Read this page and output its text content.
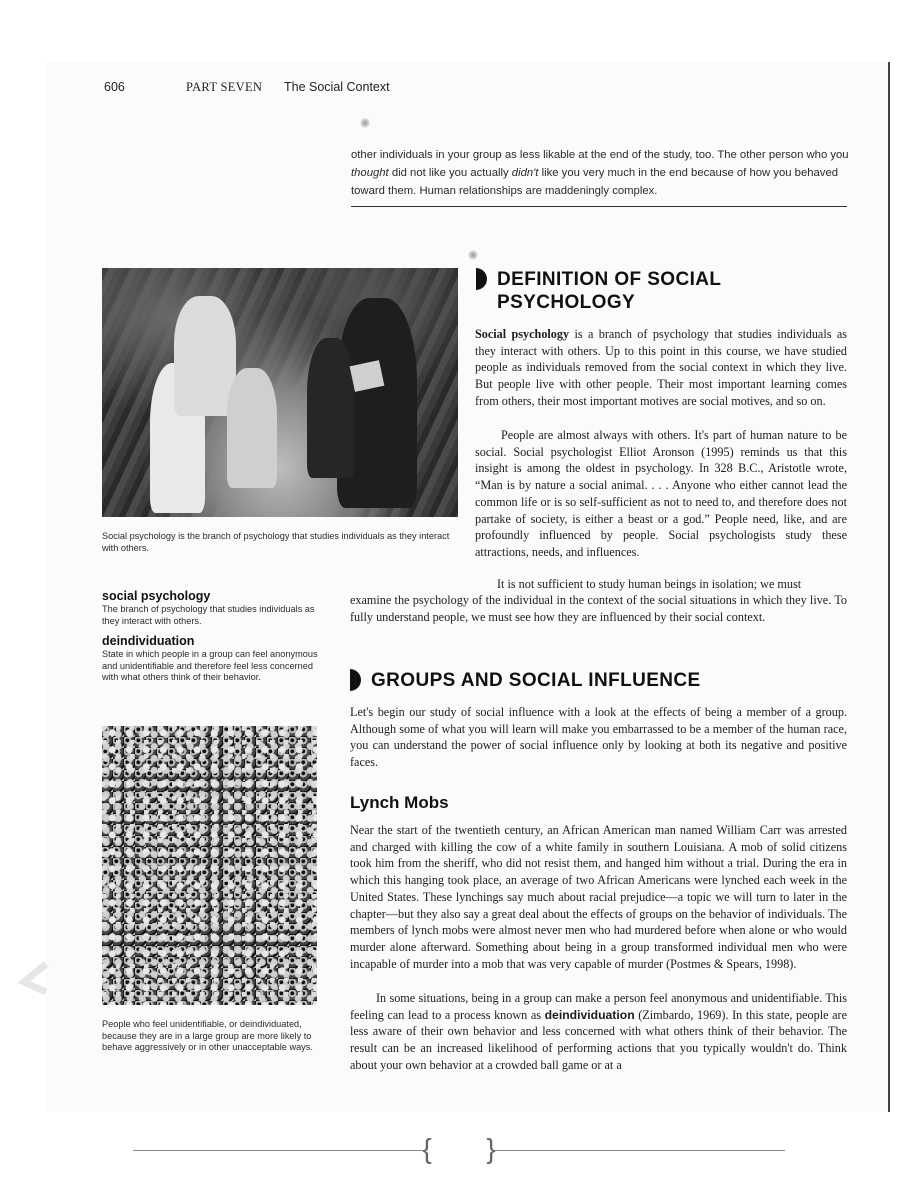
606	PART SEVEN The Social Context

other individuals in your group as less likable at the end of the study, too. The other person who you thought did not like you actually didn't like you very much in the end because of how you behaved toward them. Human relationships are maddeningly complex.

Social psychology is the branch of psychology that studies individuals as they interact with others.
social psychology
The branch of psychology that studies individuals as they interact with others.
deindividuation
State in which people in a group can feel anonymous and unidentifiable and therefore feel less concerned with what others think of their behavior.
People who feel unidentifiable, or deindividuated, because they are in a large group are more likely to behave aggressively or in other unacceptable ways.
DEFINITION OF SOCIAL PSYCHOLOGY

Social psychology is a branch of psychology that studies individuals as they interact with others. Up to this point in this course, we have studied people as individuals removed from the social context in which they live. But people live with other people. Their most important learning comes from others, their most important motives are social motives, and so on.

People are almost always with others. It's part of human nature to be social. Social psychologist Elliot Aronson (1995) reminds us that this insight is among the oldest in psychology. In 328 B.C., Aristotle wrote, “Man is by nature a social animal. . . . Anyone who either cannot lead the common life or is so self-sufficient as not to need to, and therefore does not partake of society, is either a beast or a god.” People need, like, and are profoundly influenced by people. Social psychologists study these attractions, needs, and influences.

It is not sufficient to study human beings in isolation; we must

examine the psychology of the individual in the context of the social situations in which they live. To fully understand people, we must see how they are influenced by their social context.

GROUPS AND SOCIAL INFLUENCE

Let's begin our study of social influence with a look at the effects of being a member of a group. Although some of what you will learn will make you embarrassed to be a member of the human race, you can understand the power of social influence only by looking at both its negative and positive faces.

Lynch Mobs

Near the start of the twentieth century, an African American man named William Carr was arrested and charged with killing the cow of a white family in southern Louisiana. A mob of solid citizens took him from the sheriff, who did not resist them, and hanged him without a trial. During the era in which this hanging took place, an average of two African Americans were lynched each week in the United States. These lynchings say much about racial prejudice—a topic we will turn to later in the chapter—but they also say a great deal about the effects of groups on the behavior of individuals. The members of lynch mobs were almost never men who had murdered before when alone or who would murder alone afterward. Something about being in a group transformed individual men who were incapable of murder into a mob that was very capable of murder (Postmes & Spears, 1998).

In some situations, being in a group can make a person feel anonymous and unidentifiable. This feeling can lead to a process known as deindividuation (Zimbardo, 1969). In this state, people are less aware of their own behavior and less concerned with what others think of their behavior. The result can be an increased likelihood of performing actions that you typically wouldn't do. Think about your own behavior at a crowded ball game or at a

{ }
